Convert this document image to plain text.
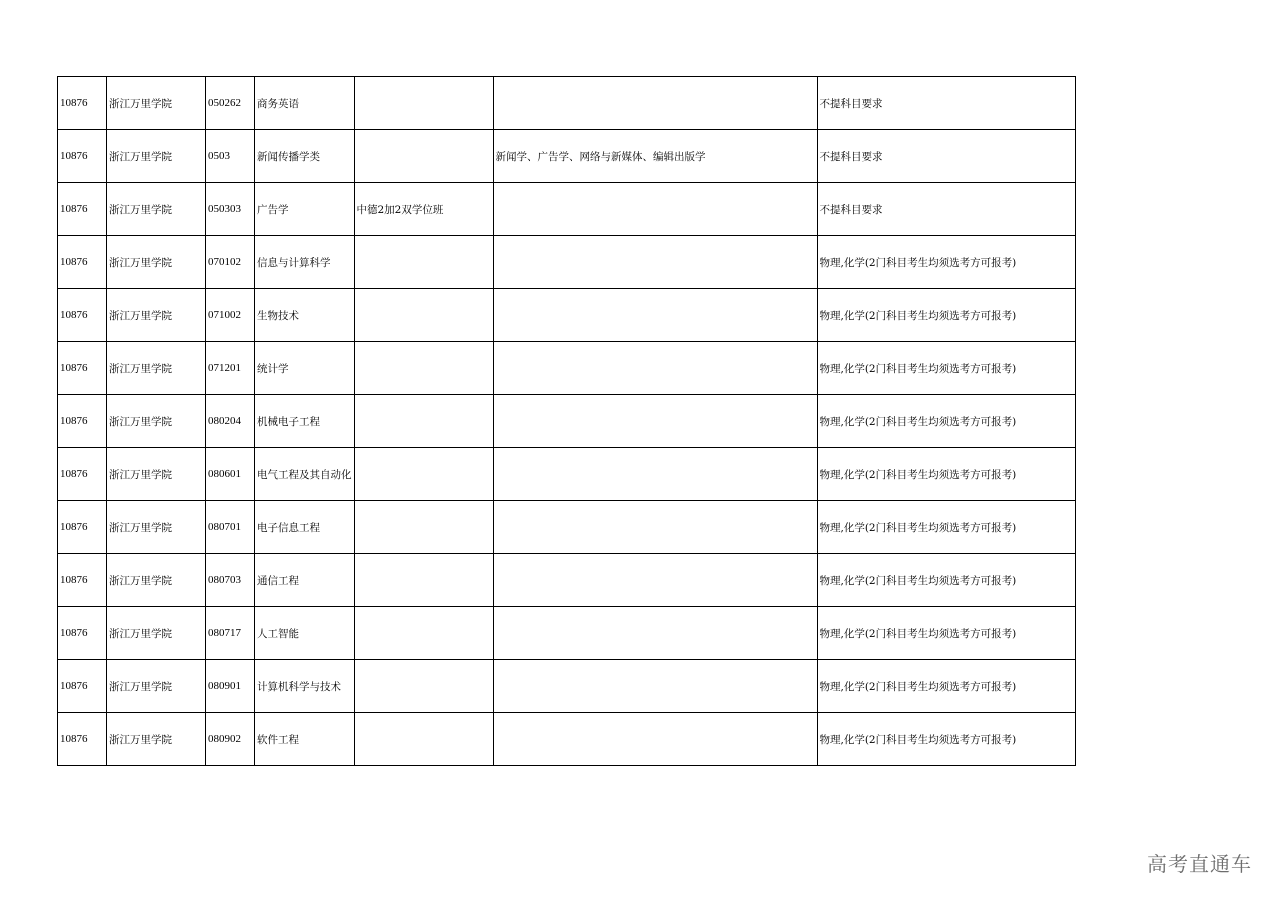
10876	浙江万里学院	050262	商务英语			不提科目要求
10876	浙江万里学院	0503	新闻传播学类		新闻学、广告学、网络与新媒体、编辑出版学	不提科目要求
10876	浙江万里学院	050303	广告学	中德2加2双学位班		不提科目要求
10876	浙江万里学院	070102	信息与计算科学			物理,化学(2门科目考生均须选考方可报考)
10876	浙江万里学院	071002	生物技术			物理,化学(2门科目考生均须选考方可报考)
10876	浙江万里学院	071201	统计学			物理,化学(2门科目考生均须选考方可报考)
10876	浙江万里学院	080204	机械电子工程			物理,化学(2门科目考生均须选考方可报考)
10876	浙江万里学院	080601	电气工程及其自动化			物理,化学(2门科目考生均须选考方可报考)
10876	浙江万里学院	080701	电子信息工程			物理,化学(2门科目考生均须选考方可报考)
10876	浙江万里学院	080703	通信工程			物理,化学(2门科目考生均须选考方可报考)
10876	浙江万里学院	080717	人工智能			物理,化学(2门科目考生均须选考方可报考)
10876	浙江万里学院	080901	计算机科学与技术			物理,化学(2门科目考生均须选考方可报考)
10876	浙江万里学院	080902	软件工程			物理,化学(2门科目考生均须选考方可报考)
高考直通车
